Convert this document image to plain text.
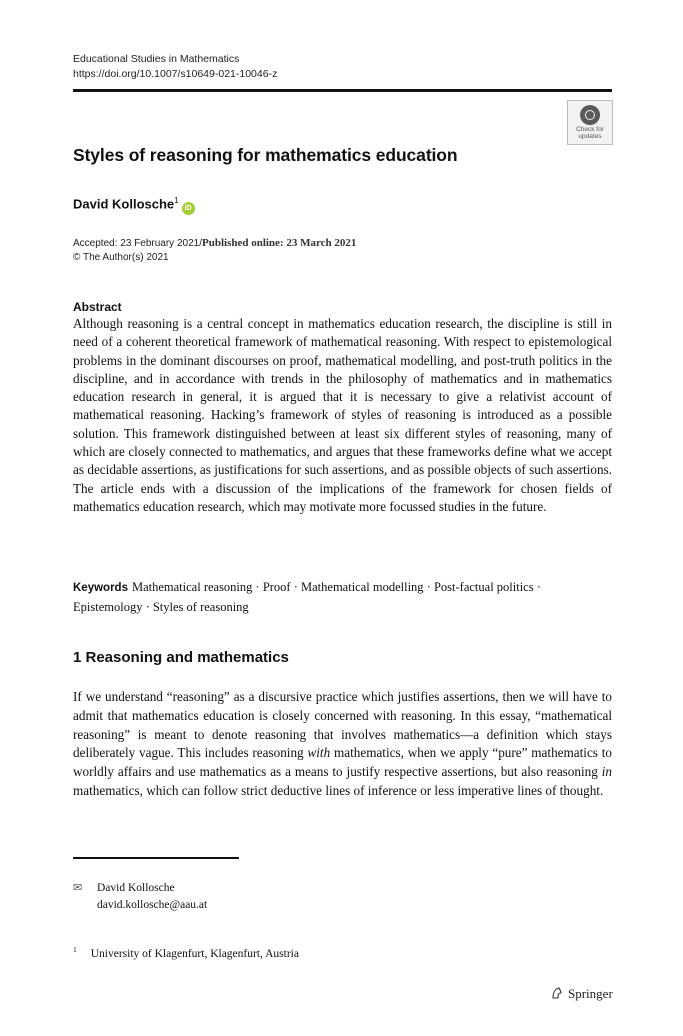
Educational Studies in Mathematics
https://doi.org/10.1007/s10649-021-10046-z
Check for
updates
Styles of reasoning for mathematics education
David Kollosche$^1$iD
Accepted: 23 February 2021/Published online: 23 March 2021
© The Author(s) 2021
Abstract
Although reasoning is a central concept in mathematics education research, the discipline is still in need of a coherent theoretical framework of mathematical reasoning. With respect to epistemological problems in the dominant discourses on proof, mathematical modelling, and post-truth politics in the discipline, and in accordance with trends in the philosophy of mathematics and in mathematics education research in general, it is argued that it is necessary to give a relativist account of mathematical reasoning. Hacking’s framework of styles of reasoning is introduced as a possible solution. This framework distinguished between at least six different styles of reasoning, many of which are closely connected to mathematics, and argues that these frameworks define what we accept as decidable assertions, as justifications for such assertions, and as possible objects of such assertions. The article ends with a discussion of the implications of the framework for chosen fields of mathematics education research, which may motivate more focussed studies in the future.
Keywords Mathematical reasoning · Proof · Mathematical modelling · Post-factual politics · Epistemology · Styles of reasoning
1 Reasoning and mathematics
If we understand “reasoning” as a discursive practice which justifies assertions, then we will have to admit that mathematics education is closely concerned with reasoning. In this essay, “mathematical reasoning” is meant to denote reasoning that involves mathematics—a definition which stays deliberately vague. This includes reasoning with mathematics, when we apply “pure” mathematics to worldly affairs and use mathematics as a means to justify respective assertions, but also reasoning in mathematics, which can follow strict deductive lines of inference or less imperative lines of thought.
✉ David Kollosche
david.kollosche@aau.at
$^1$ University of Klagenfurt, Klagenfurt, Austria
Springer
